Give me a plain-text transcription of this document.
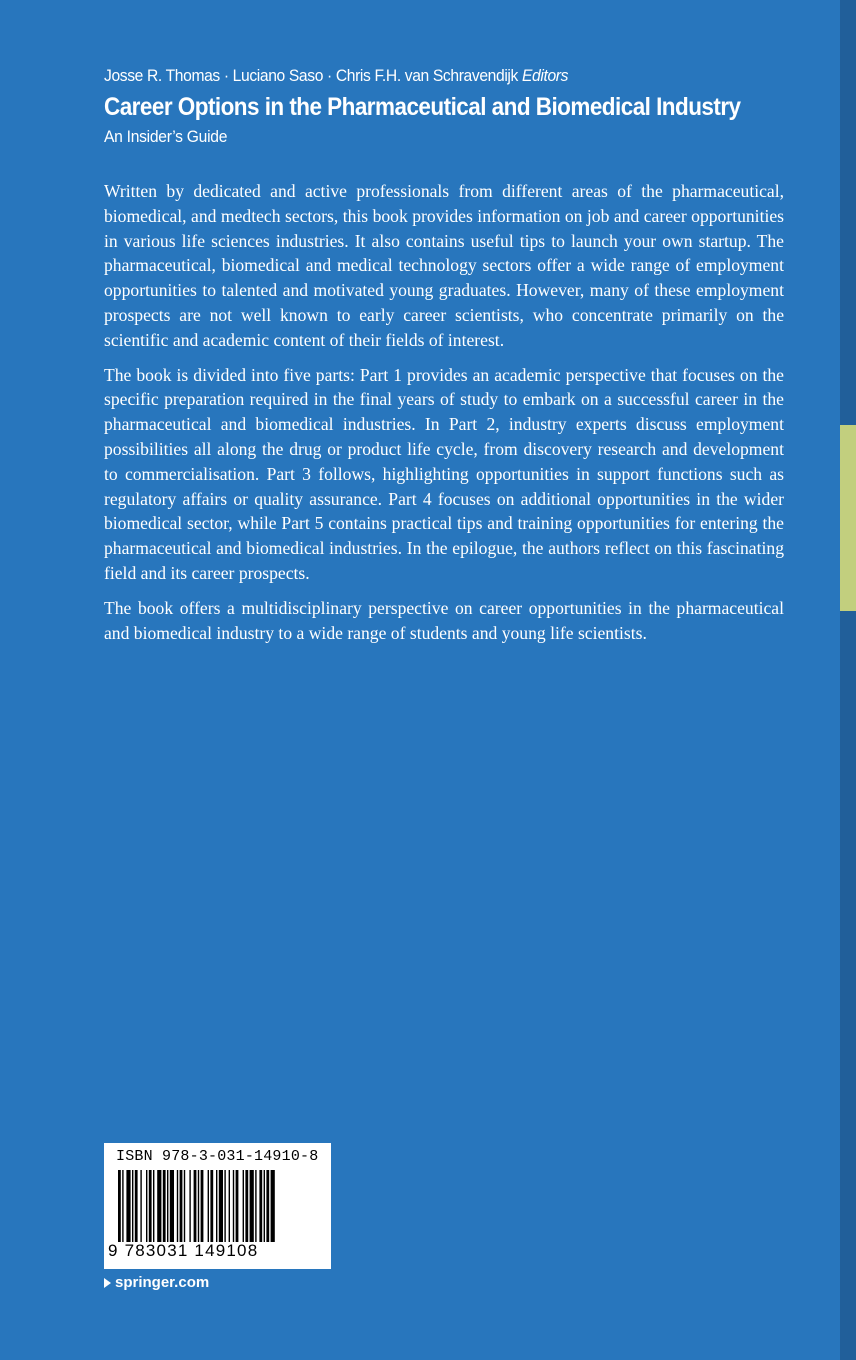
Josse R. Thomas · Luciano Saso · Chris F.H. van Schravendijk Editors
Career Options in the Pharmaceutical and Biomedical Industry
An Insider’s Guide

Written by dedicated and active professionals from different areas of the pharmaceutical, biomedical, and medtech sectors, this book provides information on job and career opportunities in various life sciences industries. It also contains useful tips to launch your own startup. The pharmaceutical, biomedical and medical technology sectors offer a wide range of employment opportunities to talented and motivated young graduates. However, many of these employment prospects are not well known to early career scientists, who concentrate primarily on the scientific and academic content of their fields of interest.

The book is divided into five parts: Part 1 provides an academic perspective that focuses on the specific preparation required in the final years of study to embark on a successful career in the pharmaceutical and biomedical industries. In Part 2, industry experts discuss employment possibilities all along the drug or product life cycle, from discovery research and development to commercialisation. Part 3 follows, highlighting opportunities in support functions such as regulatory affairs or quality assurance. Part 4 focuses on additional opportunities in the wider biomedical sector, while Part 5 contains practical tips and training opportunities for entering the pharmaceutical and biomedical industries. In the epilogue, the authors reflect on this fascinating field and its career prospects.

The book offers a multidisciplinary perspective on career opportunities in the pharmaceutical and biomedical industry to a wide range of students and young life scientists.

ISBN 978-3-031-14910-8
9 783031 149108
springer.com
